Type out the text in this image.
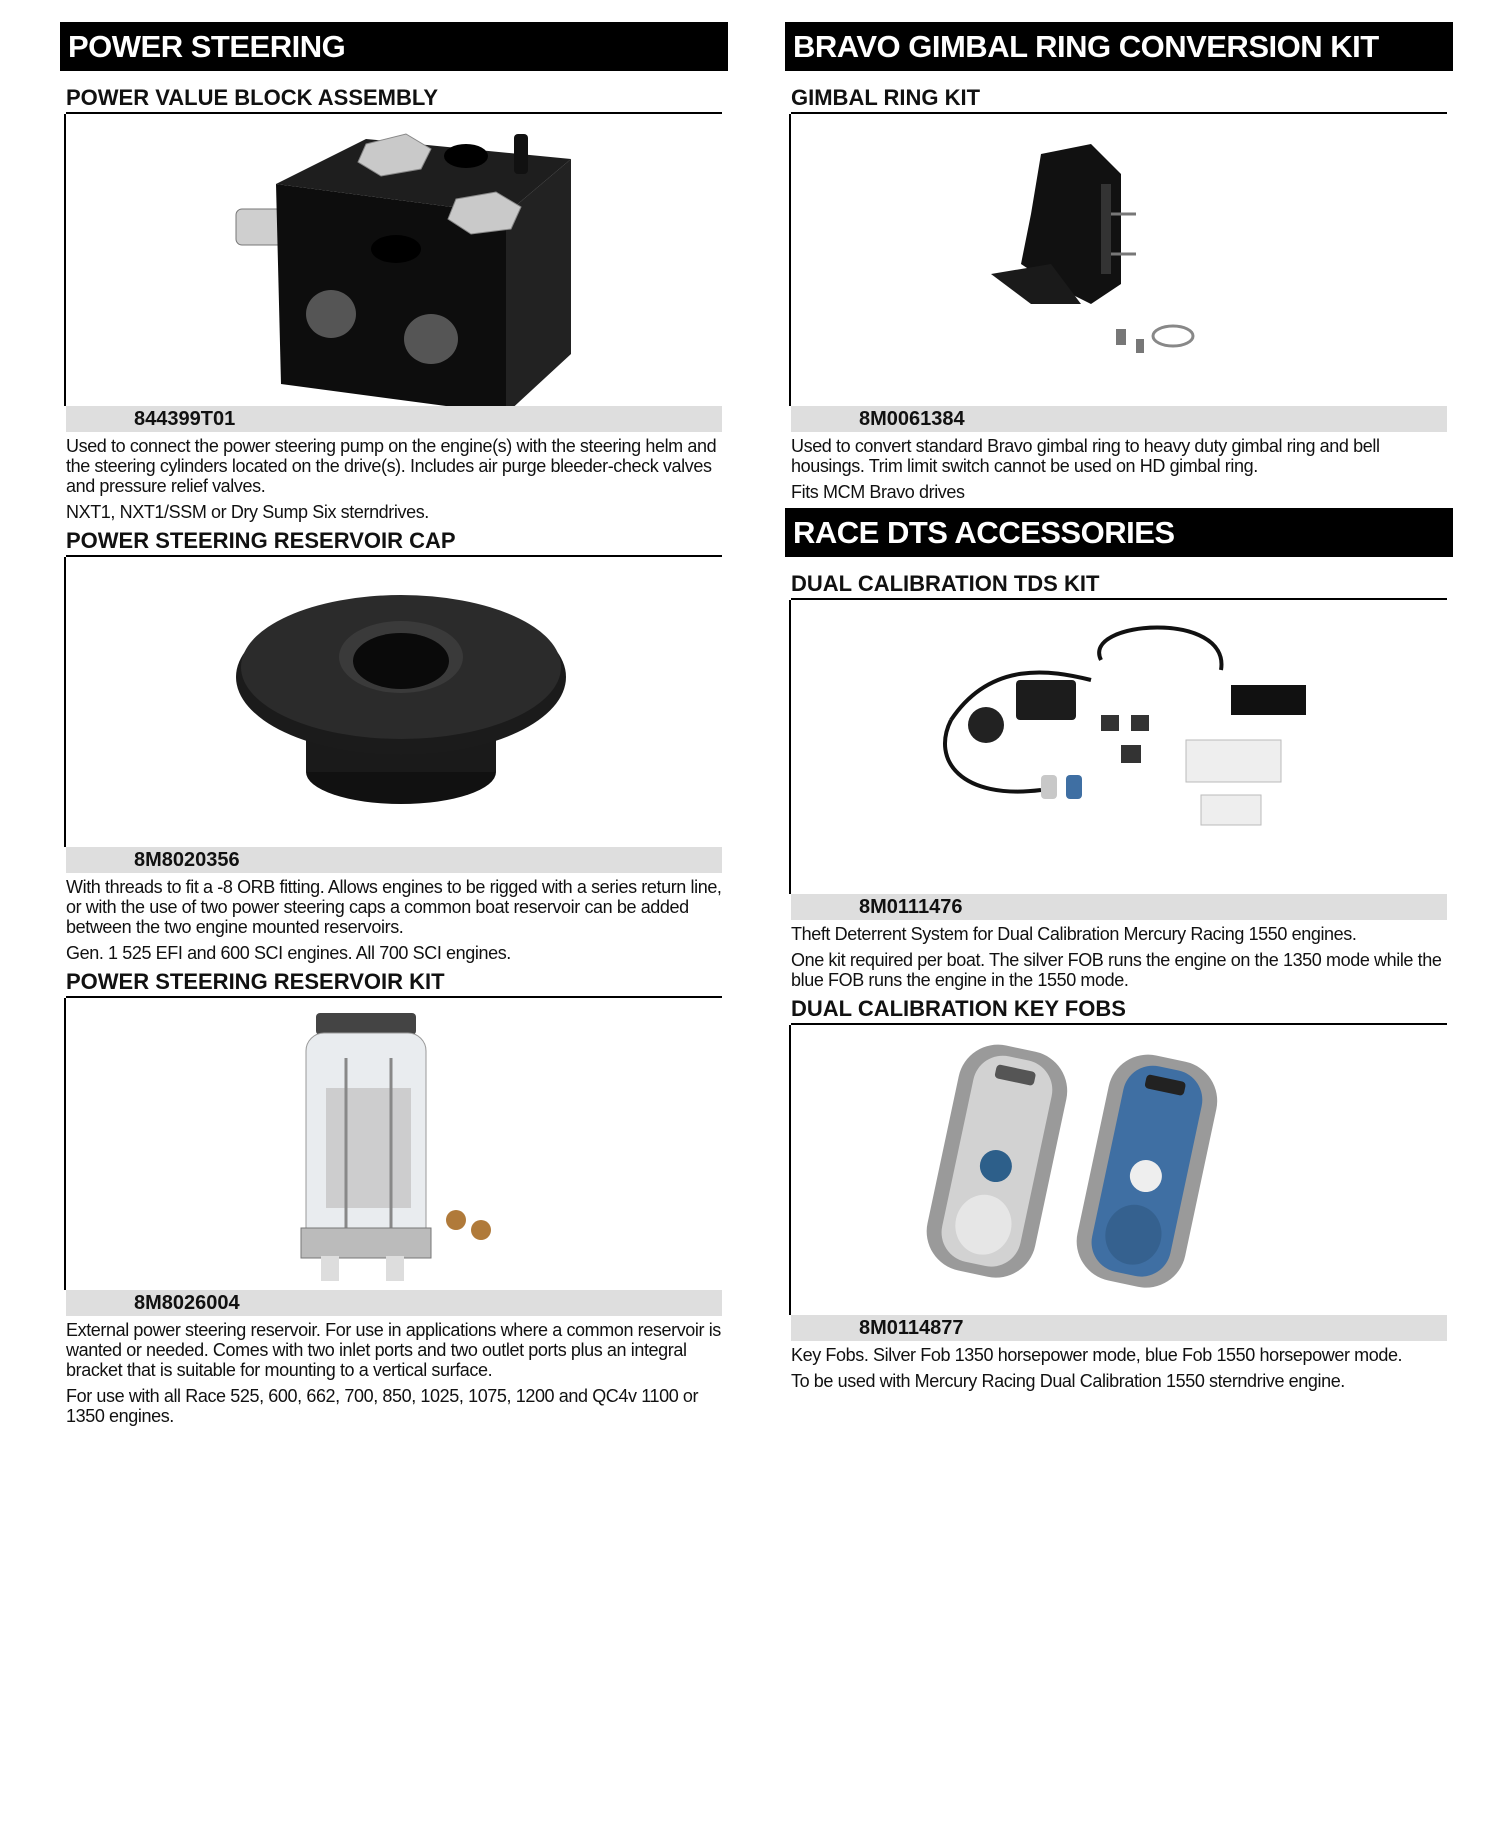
POWER STEERING
POWER VALUE BLOCK ASSEMBLY
844399T01

Used to connect the power steering pump on the engine(s) with the steering helm and the steering cylinders located on the drive(s). Includes air purge bleeder-check valves and pressure relief valves.

NXT1, NXT1/SSM or Dry Sump Six sterndrives.

POWER STEERING RESERVOIR CAP
8M8020356

With threads to fit a -8 ORB fitting. Allows engines to be rigged with a series return line, or with the use of two power steering caps a common boat reservoir can be added between the two engine mounted reservoirs.

Gen. 1 525 EFI and 600 SCI engines. All 700 SCI engines.

POWER STEERING RESERVOIR KIT
8M8026004

External power steering reservoir. For use in applications where a common reservoir is wanted or needed. Comes with two inlet ports and two outlet ports plus an integral bracket that is suitable for mounting to a vertical surface.

For use with all Race 525, 600, 662, 700, 850, 1025, 1075, 1200 and QC4v 1100 or 1350 engines.

BRAVO GIMBAL RING CONVERSION KIT
GIMBAL RING KIT
8M0061384

Used to convert standard Bravo gimbal ring to heavy duty gimbal ring and bell housings. Trim limit switch cannot be used on HD gimbal ring.

Fits MCM Bravo drives

RACE DTS ACCESSORIES
DUAL CALIBRATION TDS KIT
8M0111476

Theft Deterrent System for Dual Calibration Mercury Racing 1550 engines.

One kit required per boat. The silver FOB runs the engine on the 1350 mode while the blue FOB runs the engine in the 1550 mode.

DUAL CALIBRATION KEY FOBS
8M0114877

Key Fobs. Silver Fob 1350 horsepower mode, blue Fob 1550 horsepower mode.

To be used with Mercury Racing Dual Calibration 1550 sterndrive engine.
